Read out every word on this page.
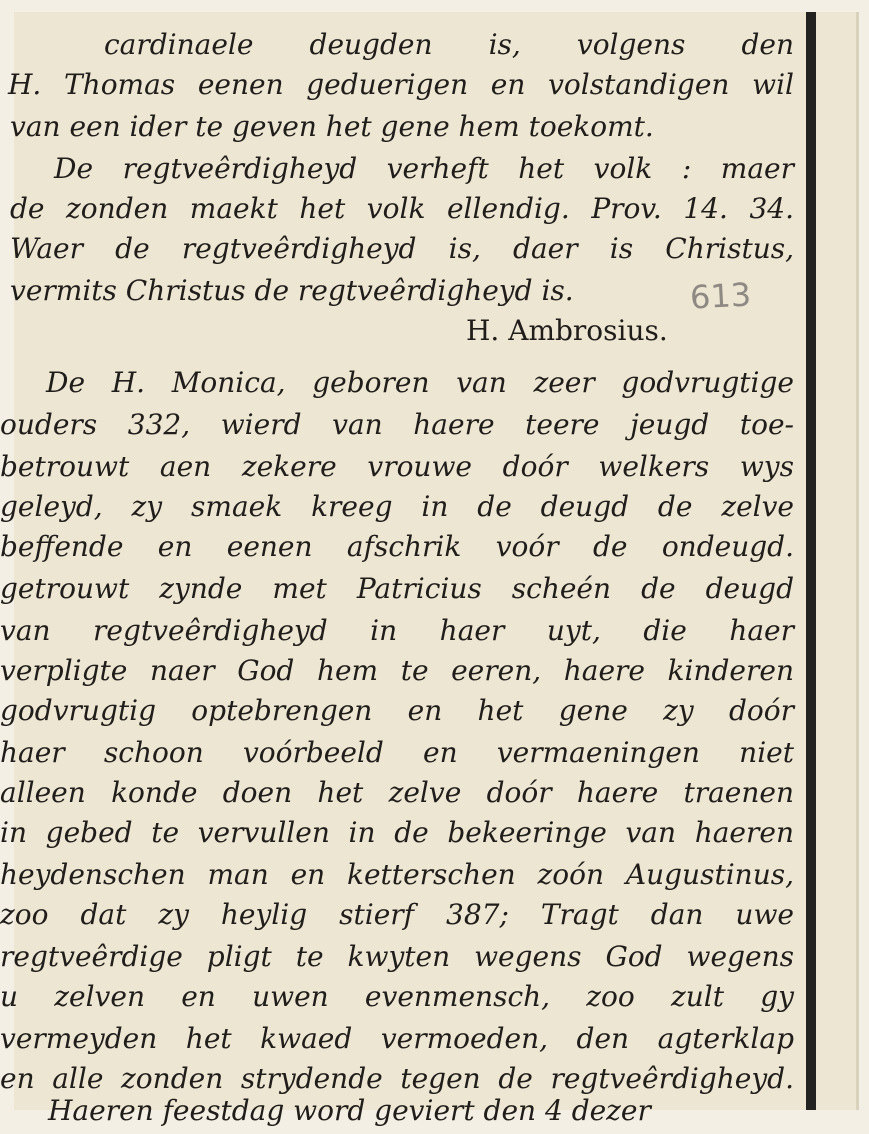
cardinaele deugden is, volgens den
H. Thomas eenen geduerigen en volstandigen wil
van een ider te geven het gene hem toekomt.
De regtveêrdigheyd verheft het volk : maer
de zonden maekt het volk ellendig. Prov. 14. 34.
Waer de regtveêrdigheyd is, daer is Christus,
vermits Christus de regtveêrdigheyd is.
H. Ambrosius.
De H. Monica, geboren van zeer godvrugtige
ouders 332, wierd van haere teere jeugd toe-
betrouwt aen zekere vrouwe doór welkers wys
geleyd, zy smaek kreeg in de deugd de zelve
beffende en eenen afschrik voór de ondeugd.
getrouwt zynde met Patricius scheén de deugd
van regtveêrdigheyd in haer uyt, die haer
verpligte naer God hem te eeren, haere kinderen
godvrugtig optebrengen en het gene zy doór
haer schoon voórbeeld en vermaeningen niet
alleen konde doen het zelve doór haere traenen
in gebed te vervullen in de bekeeringe van haeren
heydenschen man en ketterschen zoón Augustinus,
zoo dat zy heylig stierf 387; Tragt dan uwe
regtveêrdige pligt te kwyten wegens God wegens
u zelven en uwen evenmensch, zoo zult gy
vermeyden het kwaed vermoeden, den agterklap
en alle zonden strydende tegen de regtveêrdigheyd.
Haeren feestdag word geviert den 4 dezer
613
